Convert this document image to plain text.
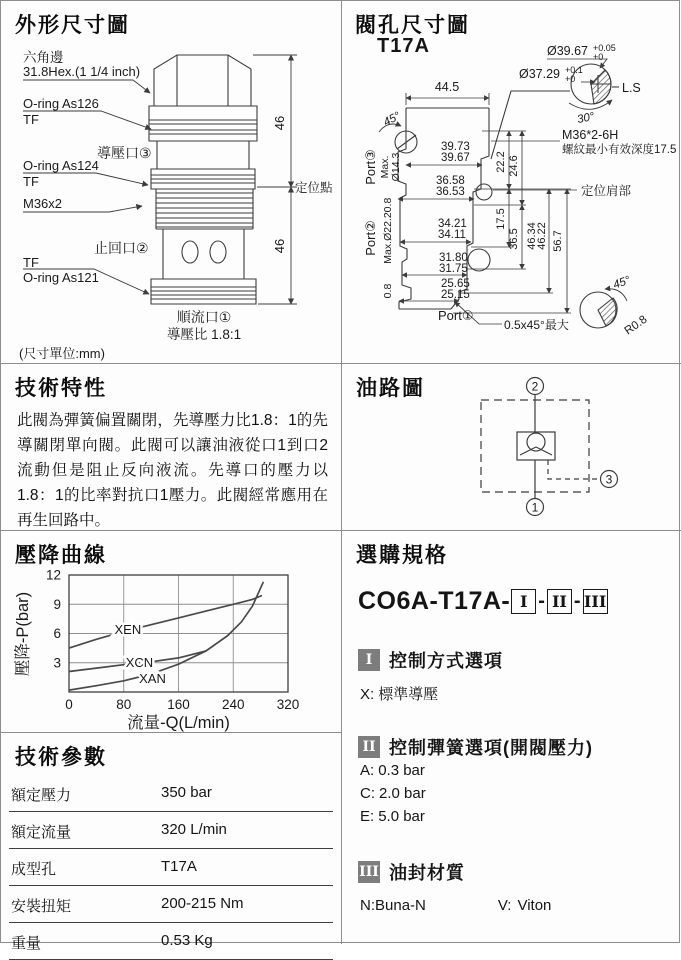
外形尺寸圖
六角邊
31.8Hex.(1 1/4 inch)
O-ring As126
TF
導壓口③
O-ring As124
TF
M36x2
止回口②
TF
O-ring As121
順流口①
導壓比 1.8:1
46
46
定位點
(尺寸單位:mm)
閥孔尺寸圖
T17A	Ø39.67 +0.05
+0
Ø37.29 +0.1
+0
L.S
30°
45°
44.5
39.73
39.67
M36*2-6H
螺紋最小有效深度17.5
36.58
36.53	定位肩部
34.21
34.11
31.80
31.75
25.65
25.15
Port①
Port③ Max. Ø14.3
0.8
Port② Max.Ø22.2
0.8
22.2 24.6
17.5
36.5 46.34
46.22 56.7
0.5x45°最大
45°
R0.8
技術特性
此閥為彈簧偏置關閉，先導壓力比1.8：1的先導關閉單向閥。此閥可以讓油液從口1到口2流動但是阻止反向液流。先導口的壓力以1.8：1的比率對抗口1壓力。此閥經常應用在再生回路中。
油路圖	2
1
3
壓降曲線
0	80	160 240 320
3
6
9
12
流量-Q(L/min)
壓降-P(bar)	XEN
XCN
XAN
選購規格
CO6A-T17A- I - II - III
I 控制方式選項
X: 標準導壓
II 控制彈簧選項(開閥壓力)
A: 0.3 bar
C: 2.0 bar
E: 5.0 bar
III 油封材質
N:Buna-N	V: Viton
技術參數
額定壓力	350 bar
額定流量	320 L/min
成型孔	T17A
安裝扭矩	200-215 Nm
重量	0.53 Kg
